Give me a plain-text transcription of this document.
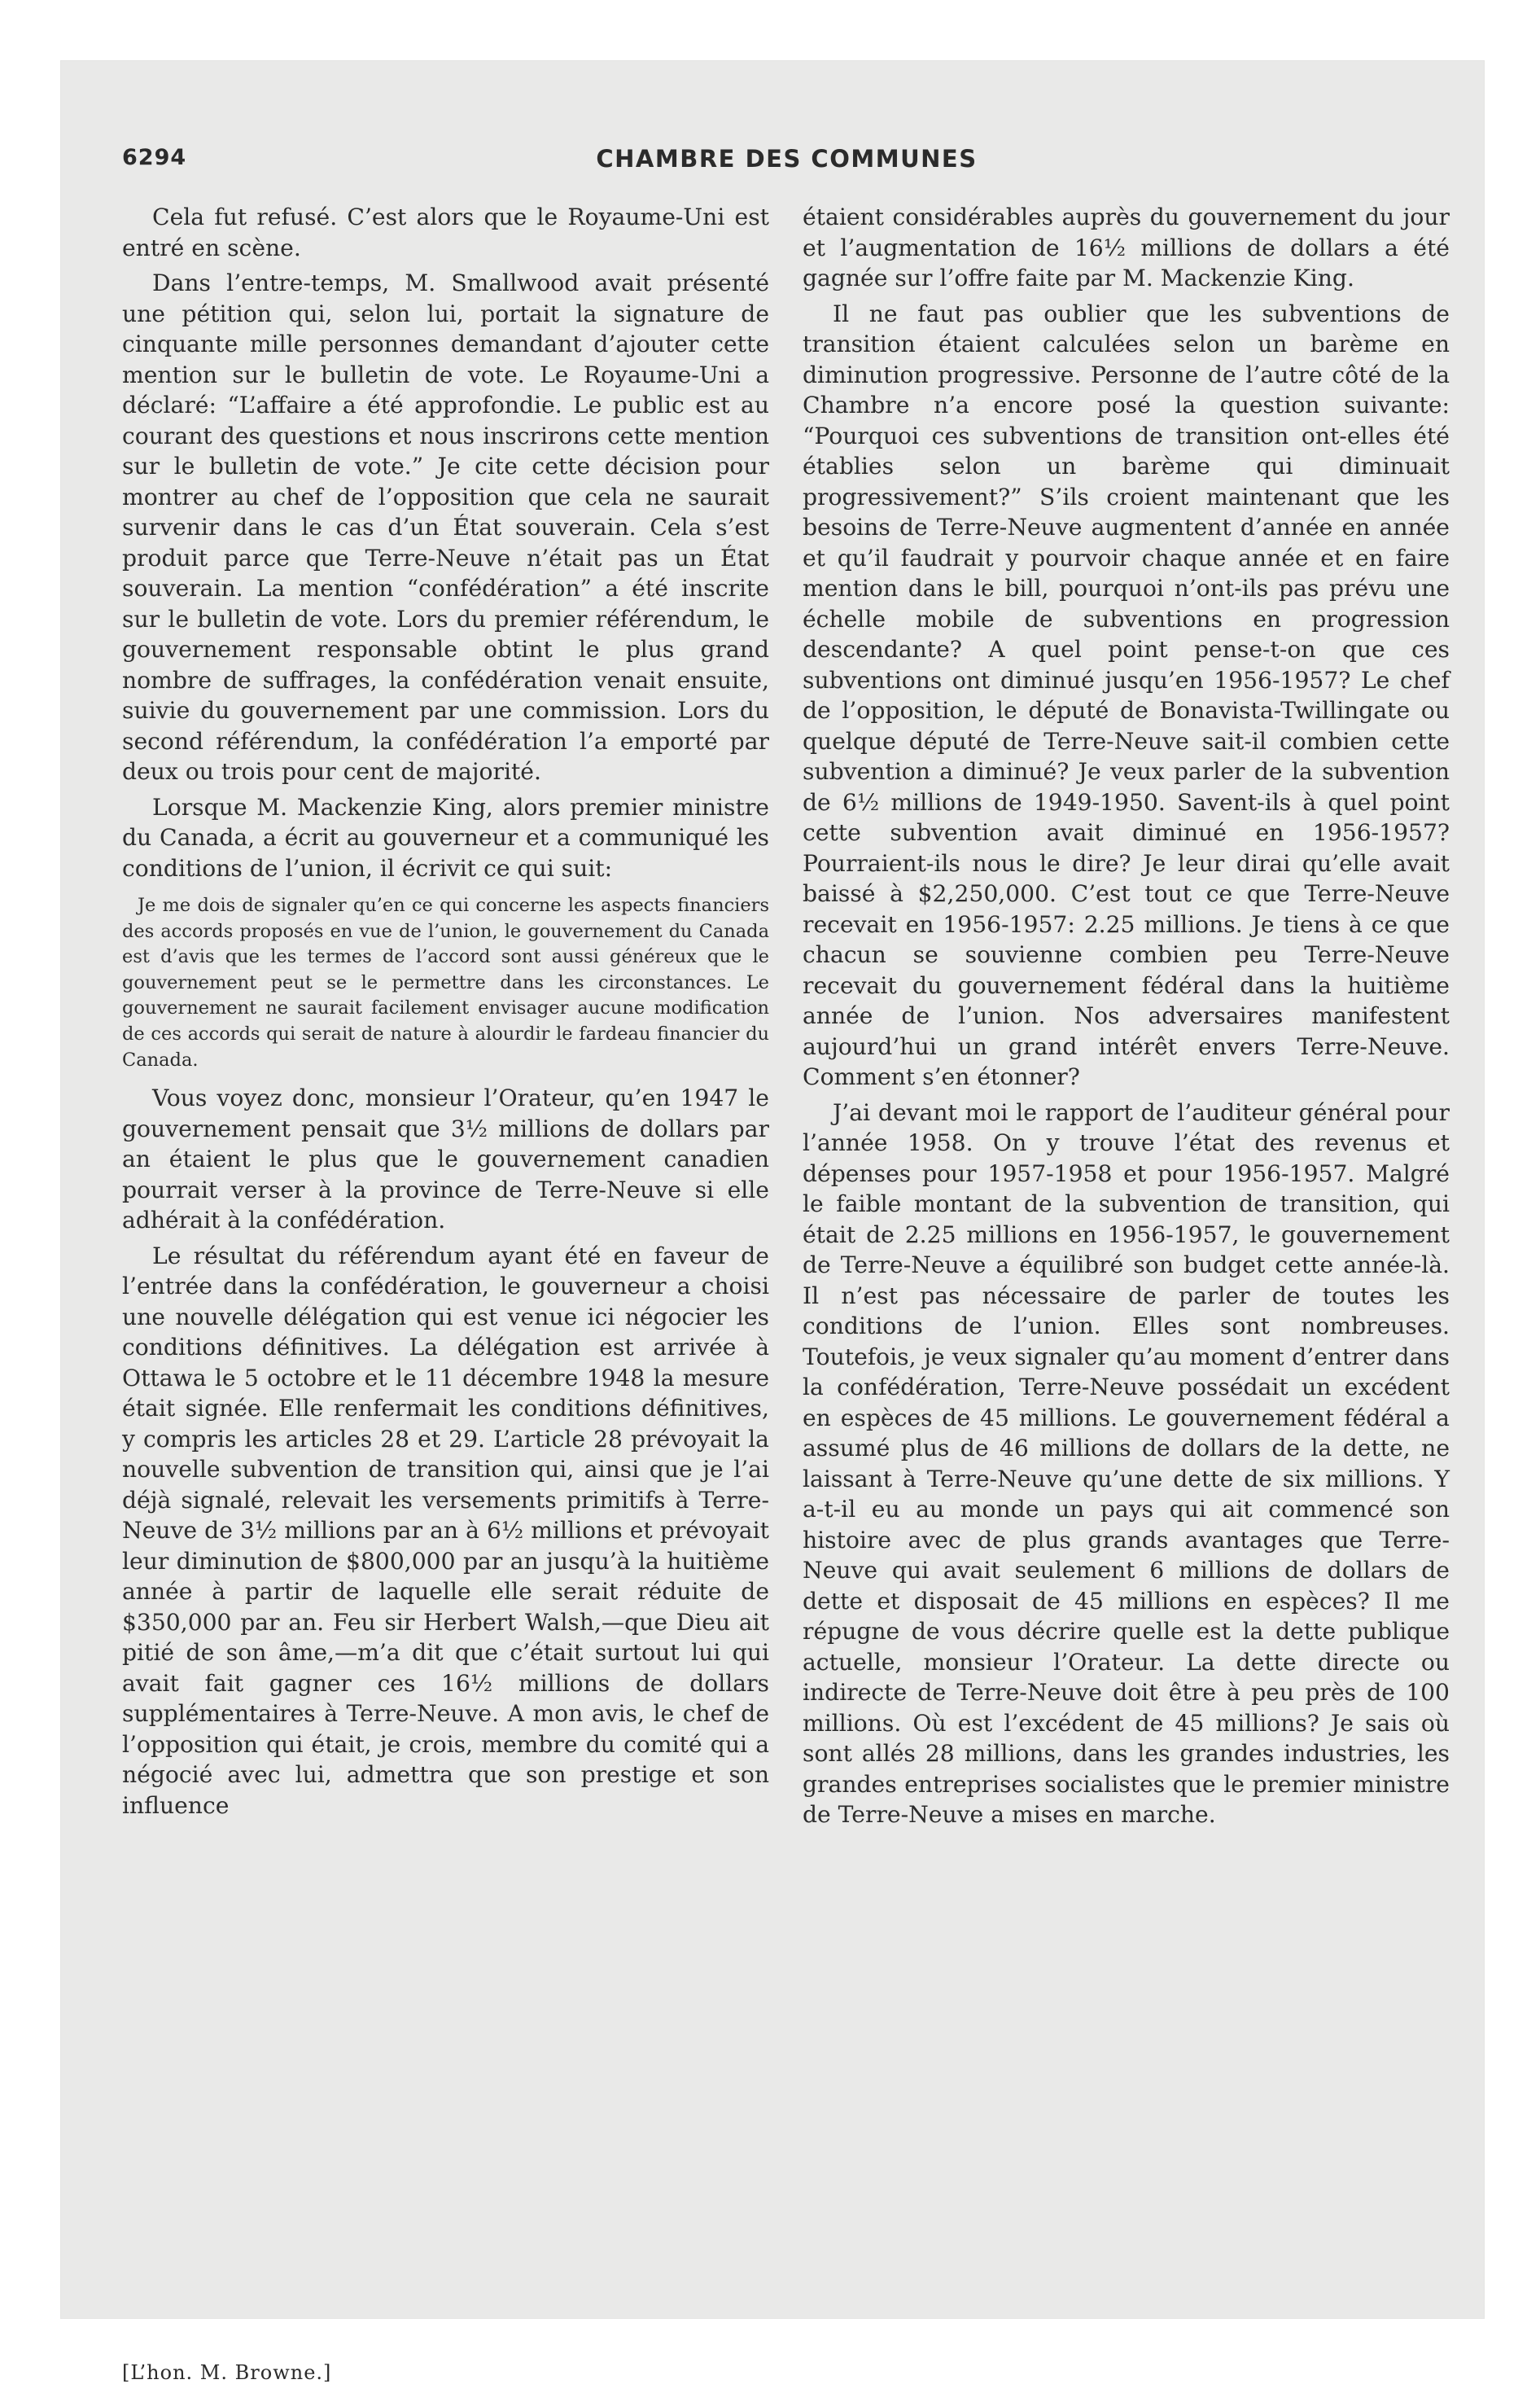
6294	CHAMBRE DES COMMUNES

Cela fut refusé. C’est alors que le Royaume-Uni est entré en scène.

Dans l’entre-temps, M. Smallwood avait présenté une pétition qui, selon lui, portait la signature de cinquante mille personnes demandant d’ajouter cette mention sur le bulletin de vote. Le Royaume-Uni a déclaré: “L’affaire a été approfondie. Le public est au courant des questions et nous inscrirons cette mention sur le bulletin de vote.” Je cite cette décision pour montrer au chef de l’opposition que cela ne saurait survenir dans le cas d’un État souverain. Cela s’est produit parce que Terre-Neuve n’était pas un État souverain. La mention “confédération” a été inscrite sur le bulletin de vote. Lors du premier référendum, le gouvernement responsable obtint le plus grand nombre de suffrages, la confédération venait ensuite, suivie du gouvernement par une commission. Lors du second référendum, la confédération l’a emporté par deux ou trois pour cent de majorité.

Lorsque M. Mackenzie King, alors premier ministre du Canada, a écrit au gouverneur et a communiqué les conditions de l’union, il écrivit ce qui suit:

Je me dois de signaler qu’en ce qui concerne les aspects financiers des accords proposés en vue de l’union, le gouvernement du Canada est d’avis que les termes de l’accord sont aussi généreux que le gouvernement peut se le permettre dans les circonstances. Le gouvernement ne saurait facilement envisager aucune modification de ces accords qui serait de nature à alourdir le fardeau financier du Canada.

Vous voyez donc, monsieur l’Orateur, qu’en 1947 le gouvernement pensait que 3½ millions de dollars par an étaient le plus que le gouvernement canadien pourrait verser à la province de Terre-Neuve si elle adhérait à la confédération.

Le résultat du référendum ayant été en faveur de l’entrée dans la confédération, le gouverneur a choisi une nouvelle délégation qui est venue ici négocier les conditions définitives. La délégation est arrivée à Ottawa le 5 octobre et le 11 décembre 1948 la mesure était signée. Elle renfermait les conditions définitives, y compris les articles 28 et 29. L’article 28 prévoyait la nouvelle subvention de transition qui, ainsi que je l’ai déjà signalé, relevait les versements primitifs à Terre-Neuve de 3½ millions par an à 6½ millions et prévoyait leur diminution de $800,000 par an jusqu’à la huitième année à partir de laquelle elle serait réduite de $350,000 par an. Feu sir Herbert Walsh,—que Dieu ait pitié de son âme,—m’a dit que c’était surtout lui qui avait fait gagner ces 16½ millions de dollars supplémentaires à Terre-Neuve. A mon avis, le chef de l’opposition qui était, je crois, membre du comité qui a négocié avec lui, admettra que son prestige et son influence

étaient considérables auprès du gouvernement du jour et l’augmentation de 16½ millions de dollars a été gagnée sur l’offre faite par M. Mackenzie King.

Il ne faut pas oublier que les subventions de transition étaient calculées selon un barème en diminution progressive. Personne de l’autre côté de la Chambre n’a encore posé la question suivante: “Pourquoi ces subventions de transition ont-elles été établies selon un barème qui diminuait progressivement?” S’ils croient maintenant que les besoins de Terre-Neuve augmentent d’année en année et qu’il faudrait y pourvoir chaque année et en faire mention dans le bill, pourquoi n’ont-ils pas prévu une échelle mobile de subventions en progression descendante? A quel point pense-t-on que ces subventions ont diminué jusqu’en 1956-1957? Le chef de l’opposition, le député de Bonavista-Twillingate ou quelque député de Terre-Neuve sait-il combien cette subvention a diminué? Je veux parler de la subvention de 6½ millions de 1949-1950. Savent-ils à quel point cette subvention avait diminué en 1956-1957? Pourraient-ils nous le dire? Je leur dirai qu’elle avait baissé à $2,250,000. C’est tout ce que Terre-Neuve recevait en 1956-1957: 2.25 millions. Je tiens à ce que chacun se souvienne combien peu Terre-Neuve recevait du gouvernement fédéral dans la huitième année de l’union. Nos adversaires manifestent aujourd’hui un grand intérêt envers Terre-Neuve. Comment s’en étonner?

J’ai devant moi le rapport de l’auditeur général pour l’année 1958. On y trouve l’état des revenus et dépenses pour 1957-1958 et pour 1956-1957. Malgré le faible montant de la subvention de transition, qui était de 2.25 millions en 1956-1957, le gouvernement de Terre-Neuve a équilibré son budget cette année-là. Il n’est pas nécessaire de parler de toutes les conditions de l’union. Elles sont nombreuses. Toutefois, je veux signaler qu’au moment d’entrer dans la confédération, Terre-Neuve possédait un excédent en espèces de 45 millions. Le gouvernement fédéral a assumé plus de 46 millions de dollars de la dette, ne laissant à Terre-Neuve qu’une dette de six millions. Y a-t-il eu au monde un pays qui ait commencé son histoire avec de plus grands avantages que Terre-Neuve qui avait seulement 6 millions de dollars de dette et disposait de 45 millions en espèces? Il me répugne de vous décrire quelle est la dette publique actuelle, monsieur l’Orateur. La dette directe ou indirecte de Terre-Neuve doit être à peu près de 100 millions. Où est l’excédent de 45 millions? Je sais où sont allés 28 millions, dans les grandes industries, les grandes entreprises socialistes que le premier ministre de Terre-Neuve a mises en marche.

[L’hon. M. Browne.]
